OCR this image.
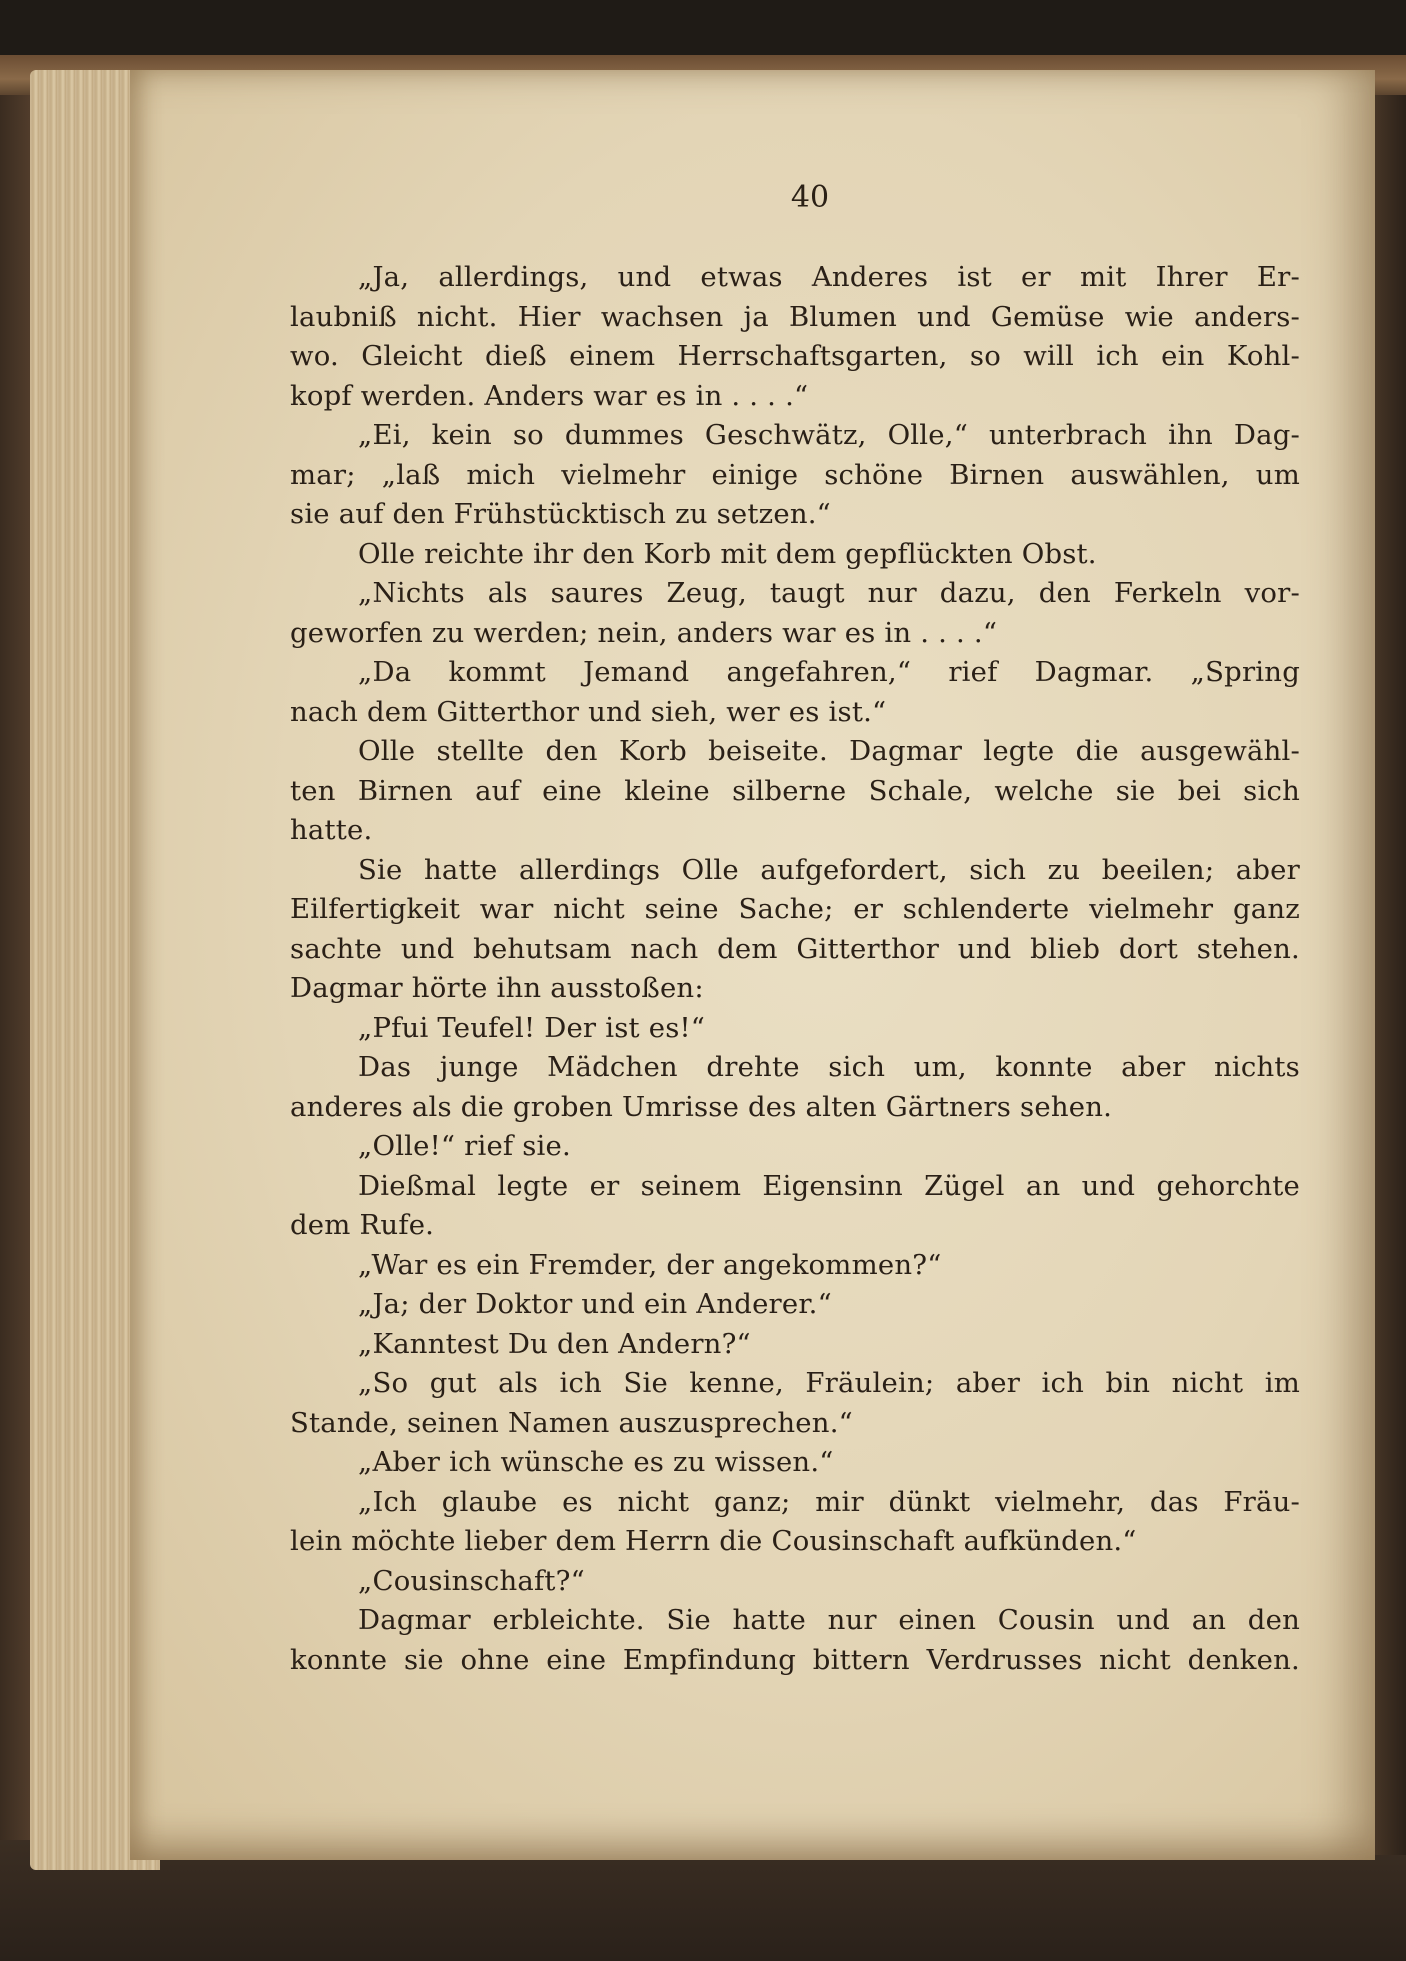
40
„Ja, allerdings, und etwas Anderes ist er mit Ihrer Er-
laubniß nicht. Hier wachsen ja Blumen und Gemüse wie anders-
wo. Gleicht dieß einem Herrschaftsgarten, so will ich ein Kohl-
kopf werden. Anders war es in . . . .“
„Ei, kein so dummes Geschwätz, Olle,“ unterbrach ihn Dag-
mar; „laß mich vielmehr einige schöne Birnen auswählen, um
sie auf den Frühstücktisch zu setzen.“
Olle reichte ihr den Korb mit dem gepflückten Obst.
„Nichts als saures Zeug, taugt nur dazu, den Ferkeln vor-
geworfen zu werden; nein, anders war es in . . . .“
„Da kommt Jemand angefahren,“ rief Dagmar. „Spring
nach dem Gitterthor und sieh, wer es ist.“
Olle stellte den Korb beiseite. Dagmar legte die ausgewähl-
ten Birnen auf eine kleine silberne Schale, welche sie bei sich
hatte.
Sie hatte allerdings Olle aufgefordert, sich zu beeilen; aber
Eilfertigkeit war nicht seine Sache; er schlenderte vielmehr ganz
sachte und behutsam nach dem Gitterthor und blieb dort stehen.
Dagmar hörte ihn ausstoßen:
„Pfui Teufel! Der ist es!“
Das junge Mädchen drehte sich um, konnte aber nichts
anderes als die groben Umrisse des alten Gärtners sehen.
„Olle!“ rief sie.
Dießmal legte er seinem Eigensinn Zügel an und gehorchte
dem Rufe.
„War es ein Fremder, der angekommen?“
„Ja; der Doktor und ein Anderer.“
„Kanntest Du den Andern?“
„So gut als ich Sie kenne, Fräulein; aber ich bin nicht im
Stande, seinen Namen auszusprechen.“
„Aber ich wünsche es zu wissen.“
„Ich glaube es nicht ganz; mir dünkt vielmehr, das Fräu-
lein möchte lieber dem Herrn die Cousinschaft aufkünden.“
„Cousinschaft?“
Dagmar erbleichte. Sie hatte nur einen Cousin und an den
konnte sie ohne eine Empfindung bittern Verdrusses nicht denken.
